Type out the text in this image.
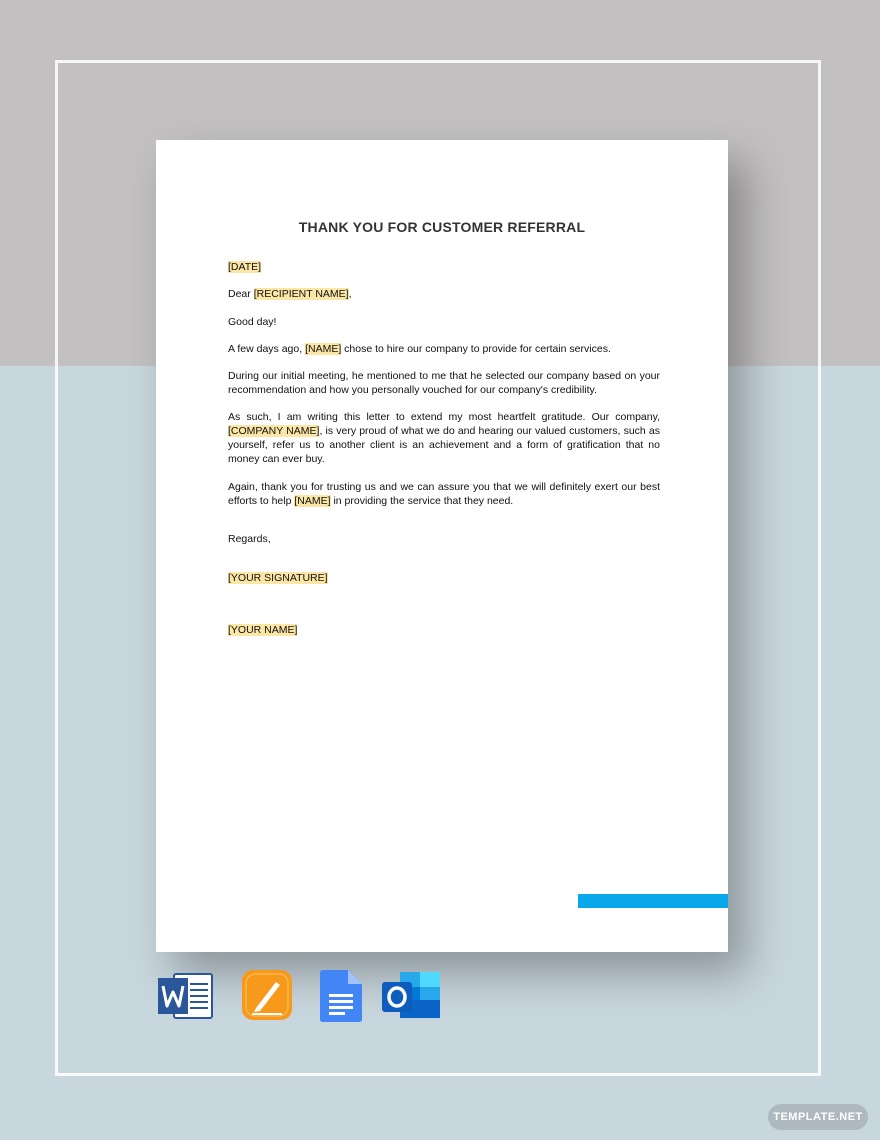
THANK YOU FOR CUSTOMER REFERRAL
[DATE]
Dear [RECIPIENT NAME],
Good day!
A few days ago, [NAME] chose to hire our company to provide for certain services.
During our initial meeting, he mentioned to me that he selected our company based on your recommendation and how you personally vouched for our company's credibility.
As such, I am writing this letter to extend my most heartfelt gratitude. Our company, [COMPANY NAME], is very proud of what we do and hearing our valued customers, such as yourself, refer us to another client is an achievement and a form of gratification that no money can ever buy.
Again, thank you for trusting us and we can assure you that we will definitely exert our best efforts to help [NAME] in providing the service that they need.
Regards,
[YOUR SIGNATURE]
[YOUR NAME]
TEMPLATE.NET
